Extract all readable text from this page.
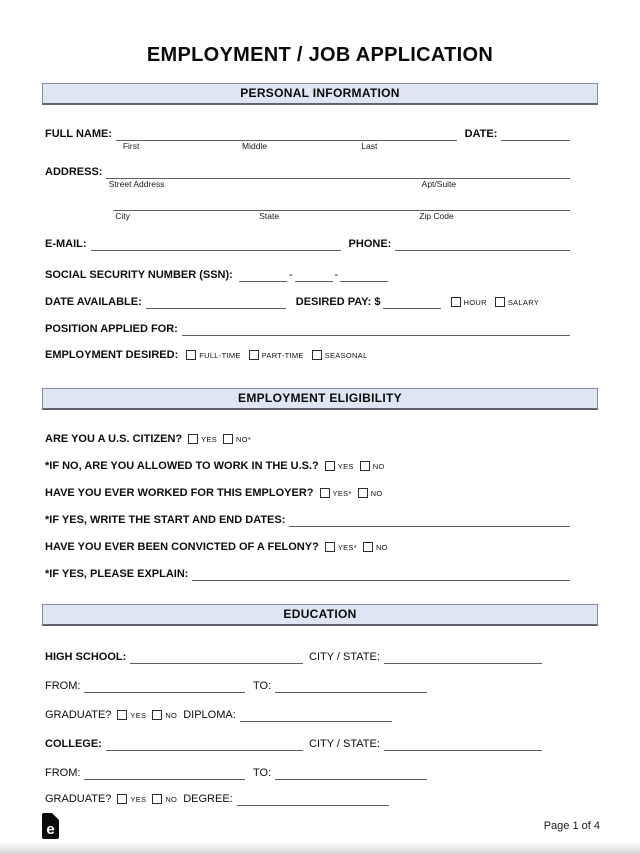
EMPLOYMENT / JOB APPLICATION
PERSONAL INFORMATION
FULL NAME:
First	Middle	Last
DATE:
ADDRESS:
Street Address	Apt/Suite
City	State	Zip Code
E-MAIL:	PHONE:
SOCIAL SECURITY NUMBER (SSN):	-	-
DATE AVAILABLE:	DESIRED PAY: $	HOUR	SALARY
POSITION APPLIED FOR:
EMPLOYMENT DESIRED:	FULL-TIME	PART-TIME	SEASONAL
EMPLOYMENT ELIGIBILITY
ARE YOU A U.S. CITIZEN?	YES	NO*
*IF NO, ARE YOU ALLOWED TO WORK IN THE U.S.?	YES	NO
HAVE YOU EVER WORKED FOR THIS EMPLOYER?	YES*	NO
*IF YES, WRITE THE START AND END DATES:
HAVE YOU EVER BEEN CONVICTED OF A FELONY?	YES*	NO
*IF YES, PLEASE EXPLAIN:
EDUCATION
HIGH SCHOOL:	CITY / STATE:
FROM:	TO:
GRADUATE?	YES	NO DIPLOMA:
COLLEGE:	CITY / STATE:
FROM:	TO:
GRADUATE?	YES	NO DEGREE:
e	Page 1 of 4
